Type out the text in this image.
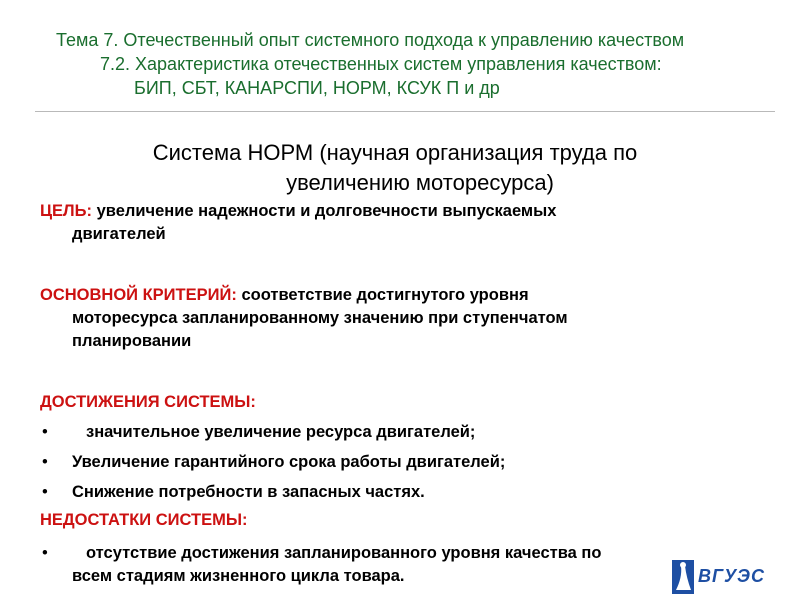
Тема 7. Отечественный опыт системного подхода к управлению качеством
7.2. Характеристика отечественных систем управления качеством:
БИП, СБТ, КАНАРСПИ, НОРМ, КСУК П и др
Система НОРМ (научная организация труда по
увеличению моторесурса)
ЦЕЛЬ: увеличение надежности и долговечности выпускаемых
двигателей
ОСНОВНОЙ КРИТЕРИЙ: соответствие достигнутого уровня
моторесурса запланированному значению при ступенчатом
планировании
ДОСТИЖЕНИЯ СИСТЕМЫ:
•	значительное увеличение ресурса двигателей;
•	Увеличение гарантийного срока работы двигателей;
•	Снижение потребности в запасных частях.
НЕДОСТАТКИ СИСТЕМЫ:
•	отсутствие достижения запланированного уровня качества по
всем стадиям жизненного цикла товара.	ВГУЭС
